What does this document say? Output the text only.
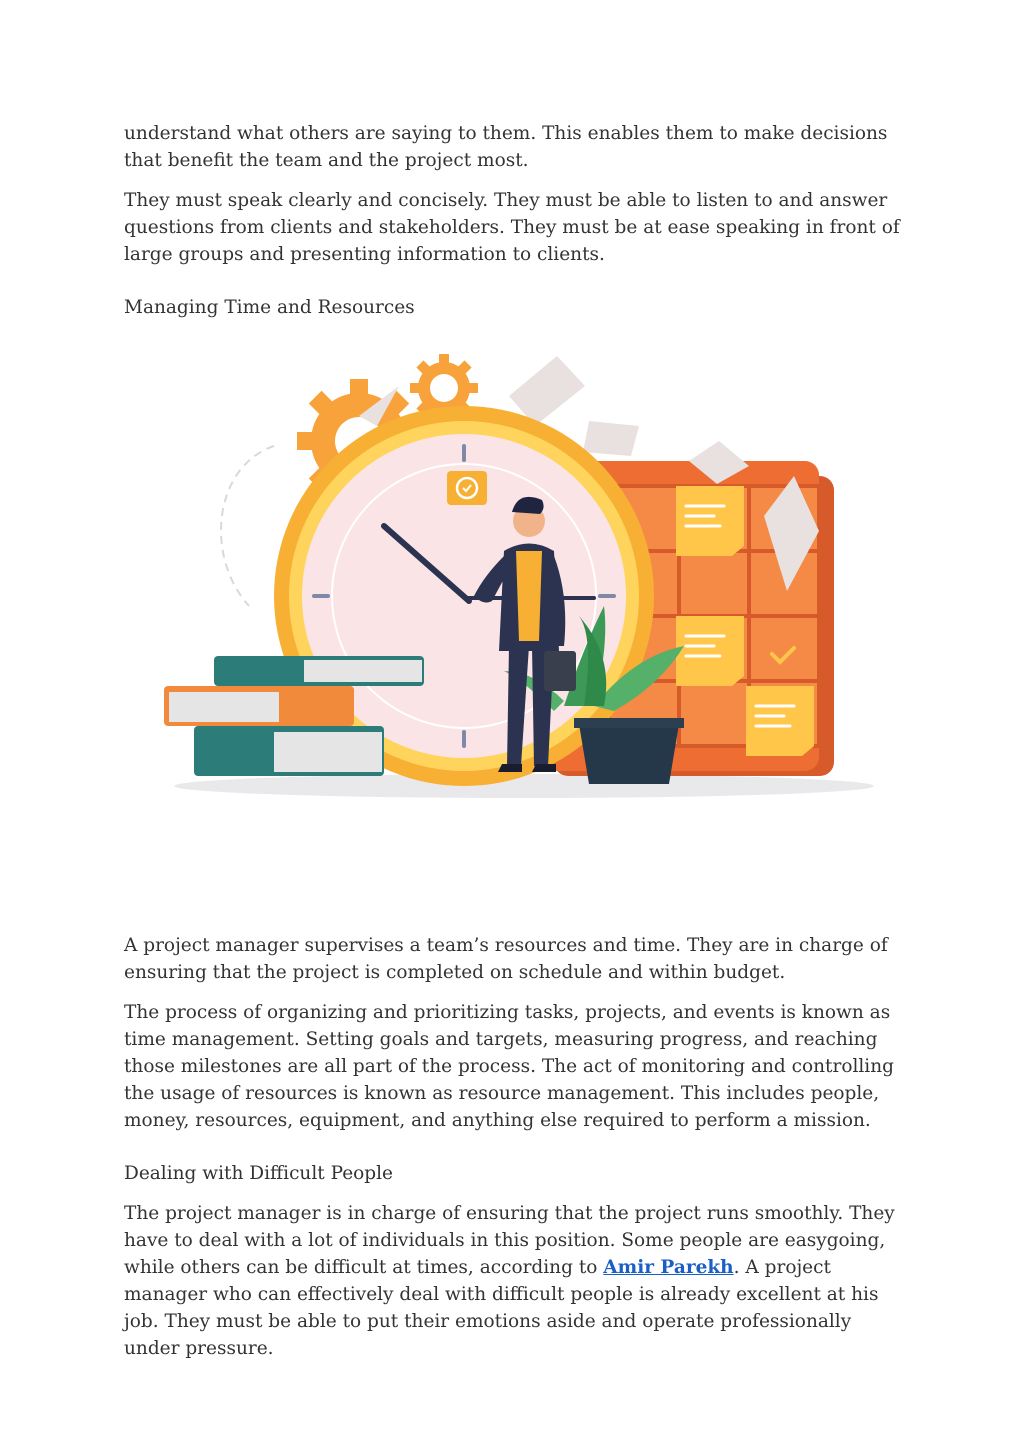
understand what others are saying to them. This enables them to make decisions that benefit the team and the project most.

They must speak clearly and concisely. They must be able to listen to and answer questions from clients and stakeholders. They must be at ease speaking in front of large groups and presenting information to clients.

Managing Time and Resources

A project manager supervises a team’s resources and time. They are in charge of ensuring that the project is completed on schedule and within budget.

The process of organizing and prioritizing tasks, projects, and events is known as time management. Setting goals and targets, measuring progress, and reaching those milestones are all part of the process. The act of monitoring and controlling the usage of resources is known as resource management. This includes people, money, resources, equipment, and anything else required to perform a mission.

Dealing with Difficult People

The project manager is in charge of ensuring that the project runs smoothly. They have to deal with a lot of individuals in this position. Some people are easygoing, while others can be difficult at times, according to Amir Parekh. A project manager who can effectively deal with difficult people is already excellent at his job. They must be able to put their emotions aside and operate professionally under pressure.
